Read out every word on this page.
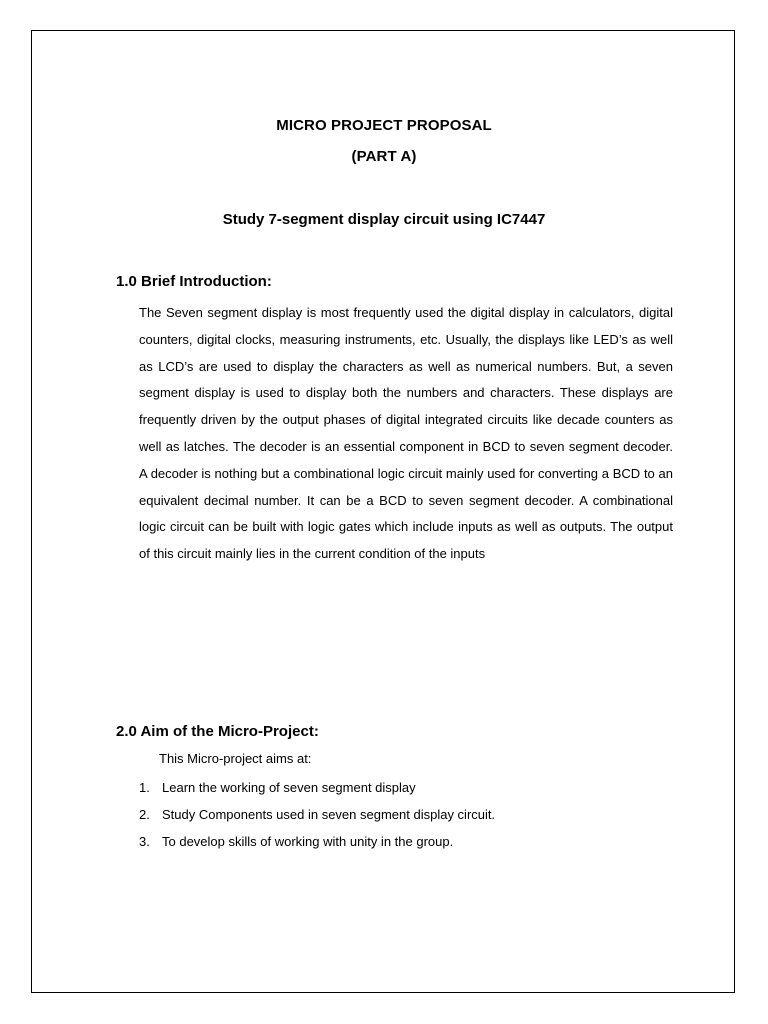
MICRO PROJECT PROPOSAL
(PART A)
Study 7-segment display circuit using IC7447
1.0 Brief Introduction:

The Seven segment display is most frequently used the digital display in calculators, digital counters, digital clocks, measuring instruments, etc. Usually, the displays like LED’s as well as LCD’s are used to display the characters as well as numerical numbers. But, a seven segment display is used to display both the numbers and characters. These displays are frequently driven by the output phases of digital integrated circuits like decade counters as well as latches. The decoder is an essential component in BCD to seven segment decoder. A decoder is nothing but a combinational logic circuit mainly used for converting a BCD to an equivalent decimal number. It can be a BCD to seven segment decoder. A combinational logic circuit can be built with logic gates which include inputs as well as outputs. The output of this circuit mainly lies in the current condition of the inputs

2.0 Aim of the Micro-Project:
This Micro-project aims at:
1. Learn the working of seven segment display
2. Study Components used in seven segment display circuit.
3. To develop skills of working with unity in the group.
